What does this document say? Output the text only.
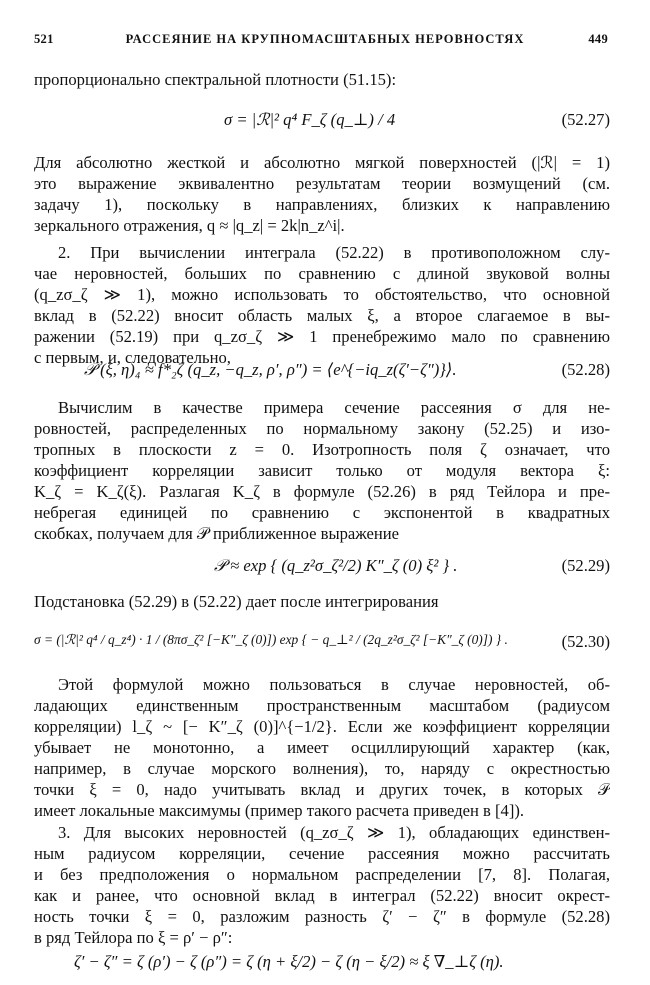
521	РАССЕЯНИЕ НА КРУПНОМАСШТАБНЫХ НЕРОВНОСТЯХ	449
пропорционально спектральной плотности (51.15):
σ = |ℛ|² q⁴ F_ζ (q_⊥) / 4	(52.27)
Для абсолютно жесткой и абсолютно мягкой поверхностей (|ℛ| = 1)
это выражение эквивалентно результатам теории возмущений (см.
задачу 1), поскольку в направлениях, близких к направлению
зеркального отражения, q ≈ |q_z| = 2k|n_z^i|.
2. При вычислении интеграла (52.22) в противоположном слу-
чае неровностей, больших по сравнению с длиной звуковой волны
(q_zσ_ζ ≫ 1), можно использовать то обстоятельство, что основной
вклад в (52.22) вносит область малых ξ, а второе слагаемое в вы-
ражении (52.19) при q_zσ_ζ ≫ 1 пренебрежимо мало по сравнению
с первым, и, следовательно,
𝒫 (ξ, η)₄ ≈ f*₂ζ (q_z, −q_z, ρ′, ρ″) = ⟨e^{−iq_z(ζ′−ζ″)}⟩.	(52.28)
Вычислим в качестве примера сечение рассеяния σ для не-
ровностей, распределенных по нормальному закону (52.25) и изо-
тропных в плоскости z = 0. Изотропность поля ζ означает, что
коэффициент корреляции зависит только от модуля вектора ξ:
K_ζ = K_ζ(ξ). Разлагая K_ζ в формуле (52.26) в ряд Тейлора и пре-
небрегая единицей по сравнению с экспонентой в квадратных
скобках, получаем для 𝒫 приближенное выражение
𝒫 ≈ exp { (q_z²σ_ζ²/2) K″_ζ (0) ξ² } .	(52.29)
Подстановка (52.29) в (52.22) дает после интегрирования
σ = (|ℛ|² q⁴ / q_z⁴) · 1 / (8πσ_ζ² [−K″_ζ (0)]) exp { − q_⊥² / (2q_z²σ_ζ² [−K″_ζ (0)]) } .	(52.30)
Этой формулой можно пользоваться в случае неровностей, об-
ладающих единственным пространственным масштабом (радиусом
корреляции) l_ζ ~ [− K″_ζ (0)]^{−1/2}. Если же коэффициент корреляции
убывает не монотонно, а имеет осциллирующий характер (как,
например, в случае морского волнения), то, наряду с окрестностью
точки ξ = 0, надо учитывать вклад и других точек, в которых 𝒫
имеет локальные максимумы (пример такого расчета приведен в [4]).
3. Для высоких неровностей (q_zσ_ζ ≫ 1), обладающих единствен-
ным радиусом корреляции, сечение рассеяния можно рассчитать
и без предположения о нормальном распределении [7, 8]. Полагая,
как и ранее, что основной вклад в интеграл (52.22) вносит окрест-
ность точки ξ = 0, разложим разность ζ′ − ζ″ в формуле (52.28)
в ряд Тейлора по ξ = ρ′ − ρ″:
ζ′ − ζ″ = ζ (ρ′) − ζ (ρ″) = ζ (η + ξ/2) − ζ (η − ξ/2) ≈ ξ ∇_⊥ζ (η).
